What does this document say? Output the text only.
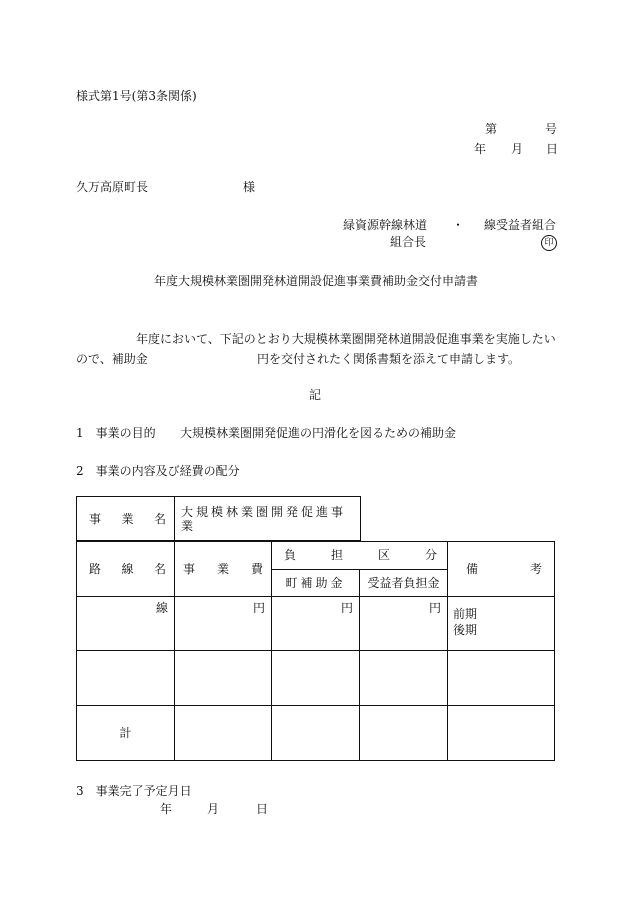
様式第1号(第3条関係)
第	号
年 月 日
久万高原町長	様
緑資源幹線林道 ・ 線受益者組合
組合長	印
年度大規模林業圏開発林道開設促進事業費補助金交付申請書
年度において、下記のとおり大規模林業圏開発林道開設促進事業を実施したい
ので、補助金	円を交付されたく関係書類を添えて申請します。
記
1　事業の目的 大規模林業圏開発促進の円滑化を図るための補助金
2　事業の内容及び経費の配分
事 業 名	大規模林業圏開発促進事業
路 線 名	事 業 費	負 担 区 分		備 考

		町補助金	受益者負担金	

線	円	円	円	前期
後期

計				

3　事業完了予定月日
年	月	日
